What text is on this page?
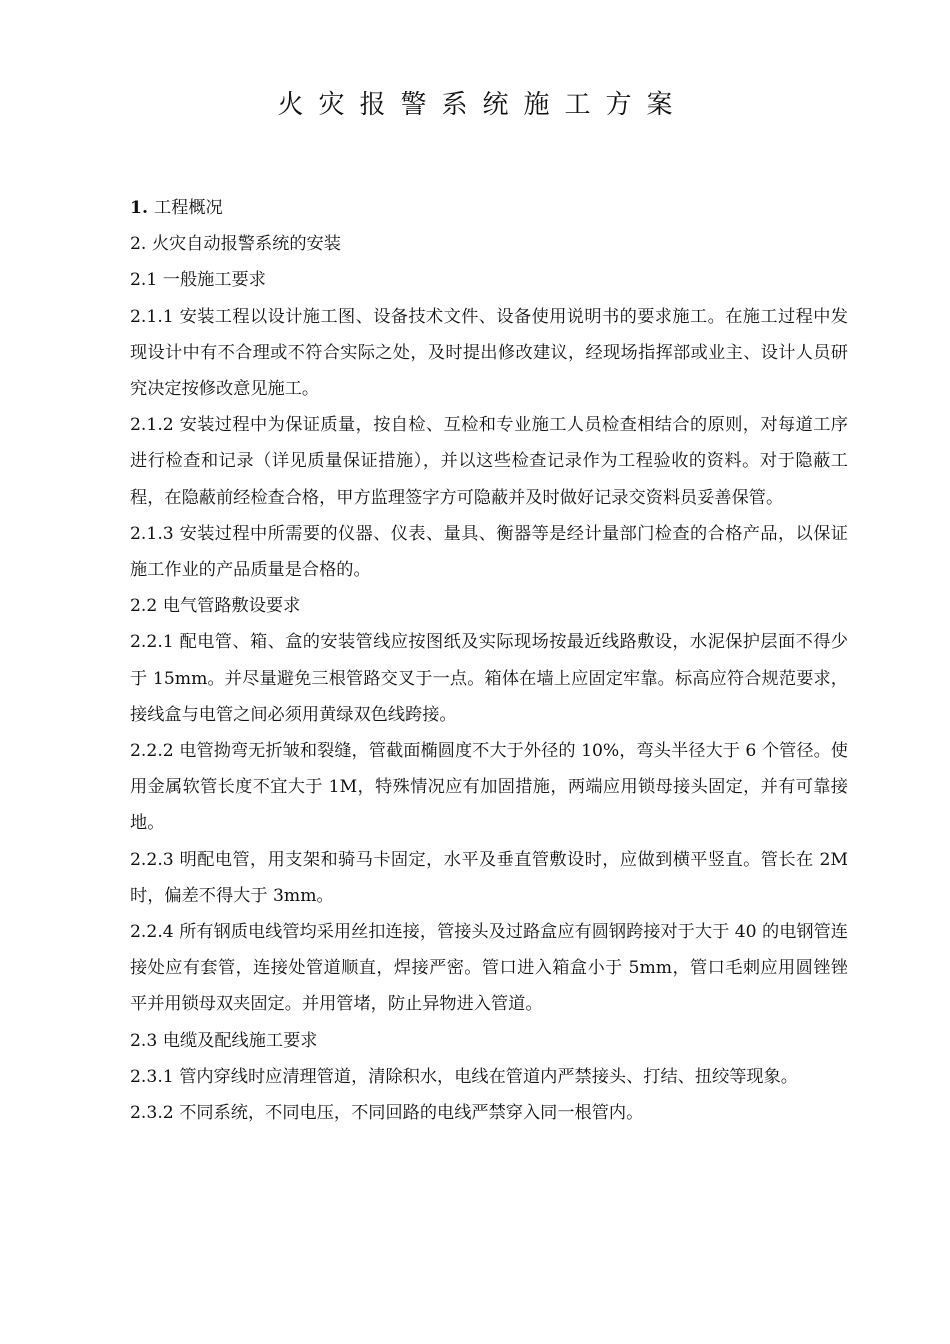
火灾报警系统施工方案

1. 工程概况

2. 火灾自动报警系统的安装

2.1 一般施工要求

2.1.1 安装工程以设计施工图、设备技术文件、设备使用说明书的要求施工。在施工过程中发现设计中有不合理或不符合实际之处，及时提出修改建议，经现场指挥部或业主、设计人员研究决定按修改意见施工。

2.1.2 安装过程中为保证质量，按自检、互检和专业施工人员检查相结合的原则，对每道工序进行检查和记录（详见质量保证措施），并以这些检查记录作为工程验收的资料。对于隐蔽工程，在隐蔽前经检查合格，甲方监理签字方可隐蔽并及时做好记录交资料员妥善保管。

2.1.3 安装过程中所需要的仪器、仪表、量具、衡器等是经计量部门检查的合格产品，以保证施工作业的产品质量是合格的。

2.2 电气管路敷设要求

2.2.1 配电管、箱、盒的安装管线应按图纸及实际现场按最近线路敷设，水泥保护层面不得少于 15mm。并尽量避免三根管路交叉于一点。箱体在墙上应固定牢靠。标高应符合规范要求，接线盒与电管之间必须用黄绿双色线跨接。

2.2.2 电管拗弯无折皱和裂缝，管截面椭圆度不大于外径的 10%，弯头半径大于 6 个管径。使用金属软管长度不宜大于 1M，特殊情况应有加固措施，两端应用锁母接头固定，并有可靠接地。

2.2.3 明配电管，用支架和骑马卡固定，水平及垂直管敷设时，应做到横平竖直。管长在 2M 时，偏差不得大于 3mm。

2.2.4 所有钢质电线管均采用丝扣连接，管接头及过路盒应有圆钢跨接对于大于 40 的电钢管连接处应有套管，连接处管道顺直，焊接严密。管口进入箱盒小于 5mm，管口毛刺应用圆锉锉平并用锁母双夹固定。并用管堵，防止异物进入管道。

2.3 电缆及配线施工要求

2.3.1 管内穿线时应清理管道，清除积水，电线在管道内严禁接头、打结、扭绞等现象。

2.3.2 不同系统，不同电压，不同回路的电线严禁穿入同一根管内。
